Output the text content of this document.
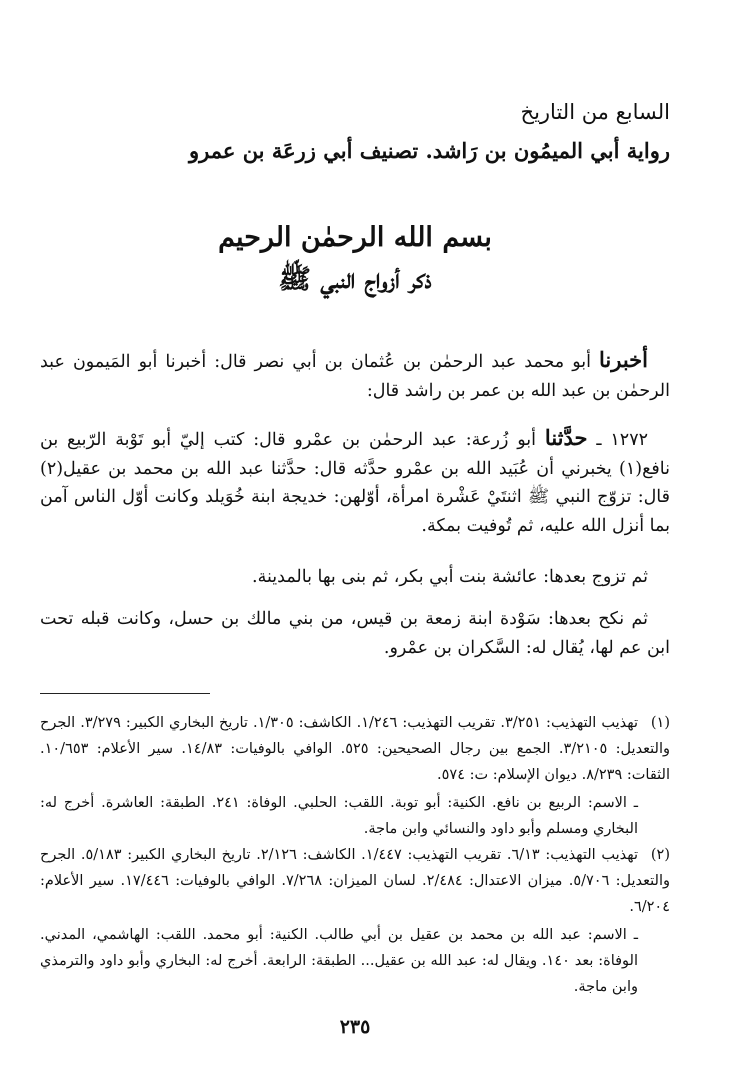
السابع من التاريخ
رواية أبي الميمُون بن رَاشد. تصنيف أبي زرعَة بن عمرو
بسم الله الرحمٰن الرحيم
ذكر أزواج النبي ﷺ
أخبرنا أبو محمد عبد الرحمٰن بن عُثمان بن أبي نصر قال: أخبرنا أبو المَيمون عبد الرحمٰن بن عبد الله بن عمر بن راشد قال:
١٢٧٢ ـ حدَّثنا أبو زُرعة: عبد الرحمٰن بن عمْرو قال: كتب إليّ أبو تَوْبة الرّبيع بن نافع(١) يخبرني أن عُبَيد الله بن عمْرو حدَّثه قال: حدَّثنا عبد الله بن محمد بن عقيل(٢) قال: تزوّج النبي ﷺ اثنتَيْ عَشْرة امرأة، أوّلهن: خديجة ابنة خُوَيلد وكانت أوّل الناس آمن بما أنزل الله عليه، ثم تُوفيت بمكة.
ثم تزوج بعدها: عائشة بنت أبي بكر، ثم بنى بها بالمدينة.
ثم نكح بعدها: سَوْدة ابنة زمعة بن قيس، من بني مالك بن حسل، وكانت قبله تحت ابن عم لها، يُقال له: السَّكران بن عمْرو.
(١)تهذيب التهذيب: ٣/٢٥١. تقريب التهذيب: ١/٢٤٦. الكاشف: ١/٣٠٥. تاريخ البخاري الكبير: ٣/٢٧٩. الجرح والتعديل: ٣/٢١٠٥. الجمع بين رجال الصحيحين: ٥٢٥. الوافي بالوفيات: ١٤/٨٣. سير الأعلام: ١٠/٦٥٣. الثقات: ٨/٢٣٩. ديوان الإسلام: ت: ٥٧٤.
ـ الاسم: الربيع بن نافع. الكنية: أبو توبة. اللقب: الحلبي. الوفاة: ٢٤١. الطبقة: العاشرة. أخرج له: البخاري ومسلم وأبو داود والنسائي وابن ماجة.
(٢)تهذيب التهذيب: ٦/١٣. تقريب التهذيب: ١/٤٤٧. الكاشف: ٢/١٢٦. تاريخ البخاري الكبير: ٥/١٨٣. الجرح والتعديل: ٥/٧٠٦. ميزان الاعتدال: ٢/٤٨٤. لسان الميزان: ٧/٢٦٨. الوافي بالوفيات: ١٧/٤٤٦. سير الأعلام: ٦/٢٠٤.
ـ الاسم: عبد الله بن محمد بن عقيل بن أبي طالب. الكنية: أبو محمد. اللقب: الهاشمي، المدني. الوفاة: بعد ١٤٠. ويقال له: عبد الله بن عقيل... الطبقة: الرابعة. أخرج له: البخاري وأبو داود والترمذي وابن ماجة.
٢٣٥
